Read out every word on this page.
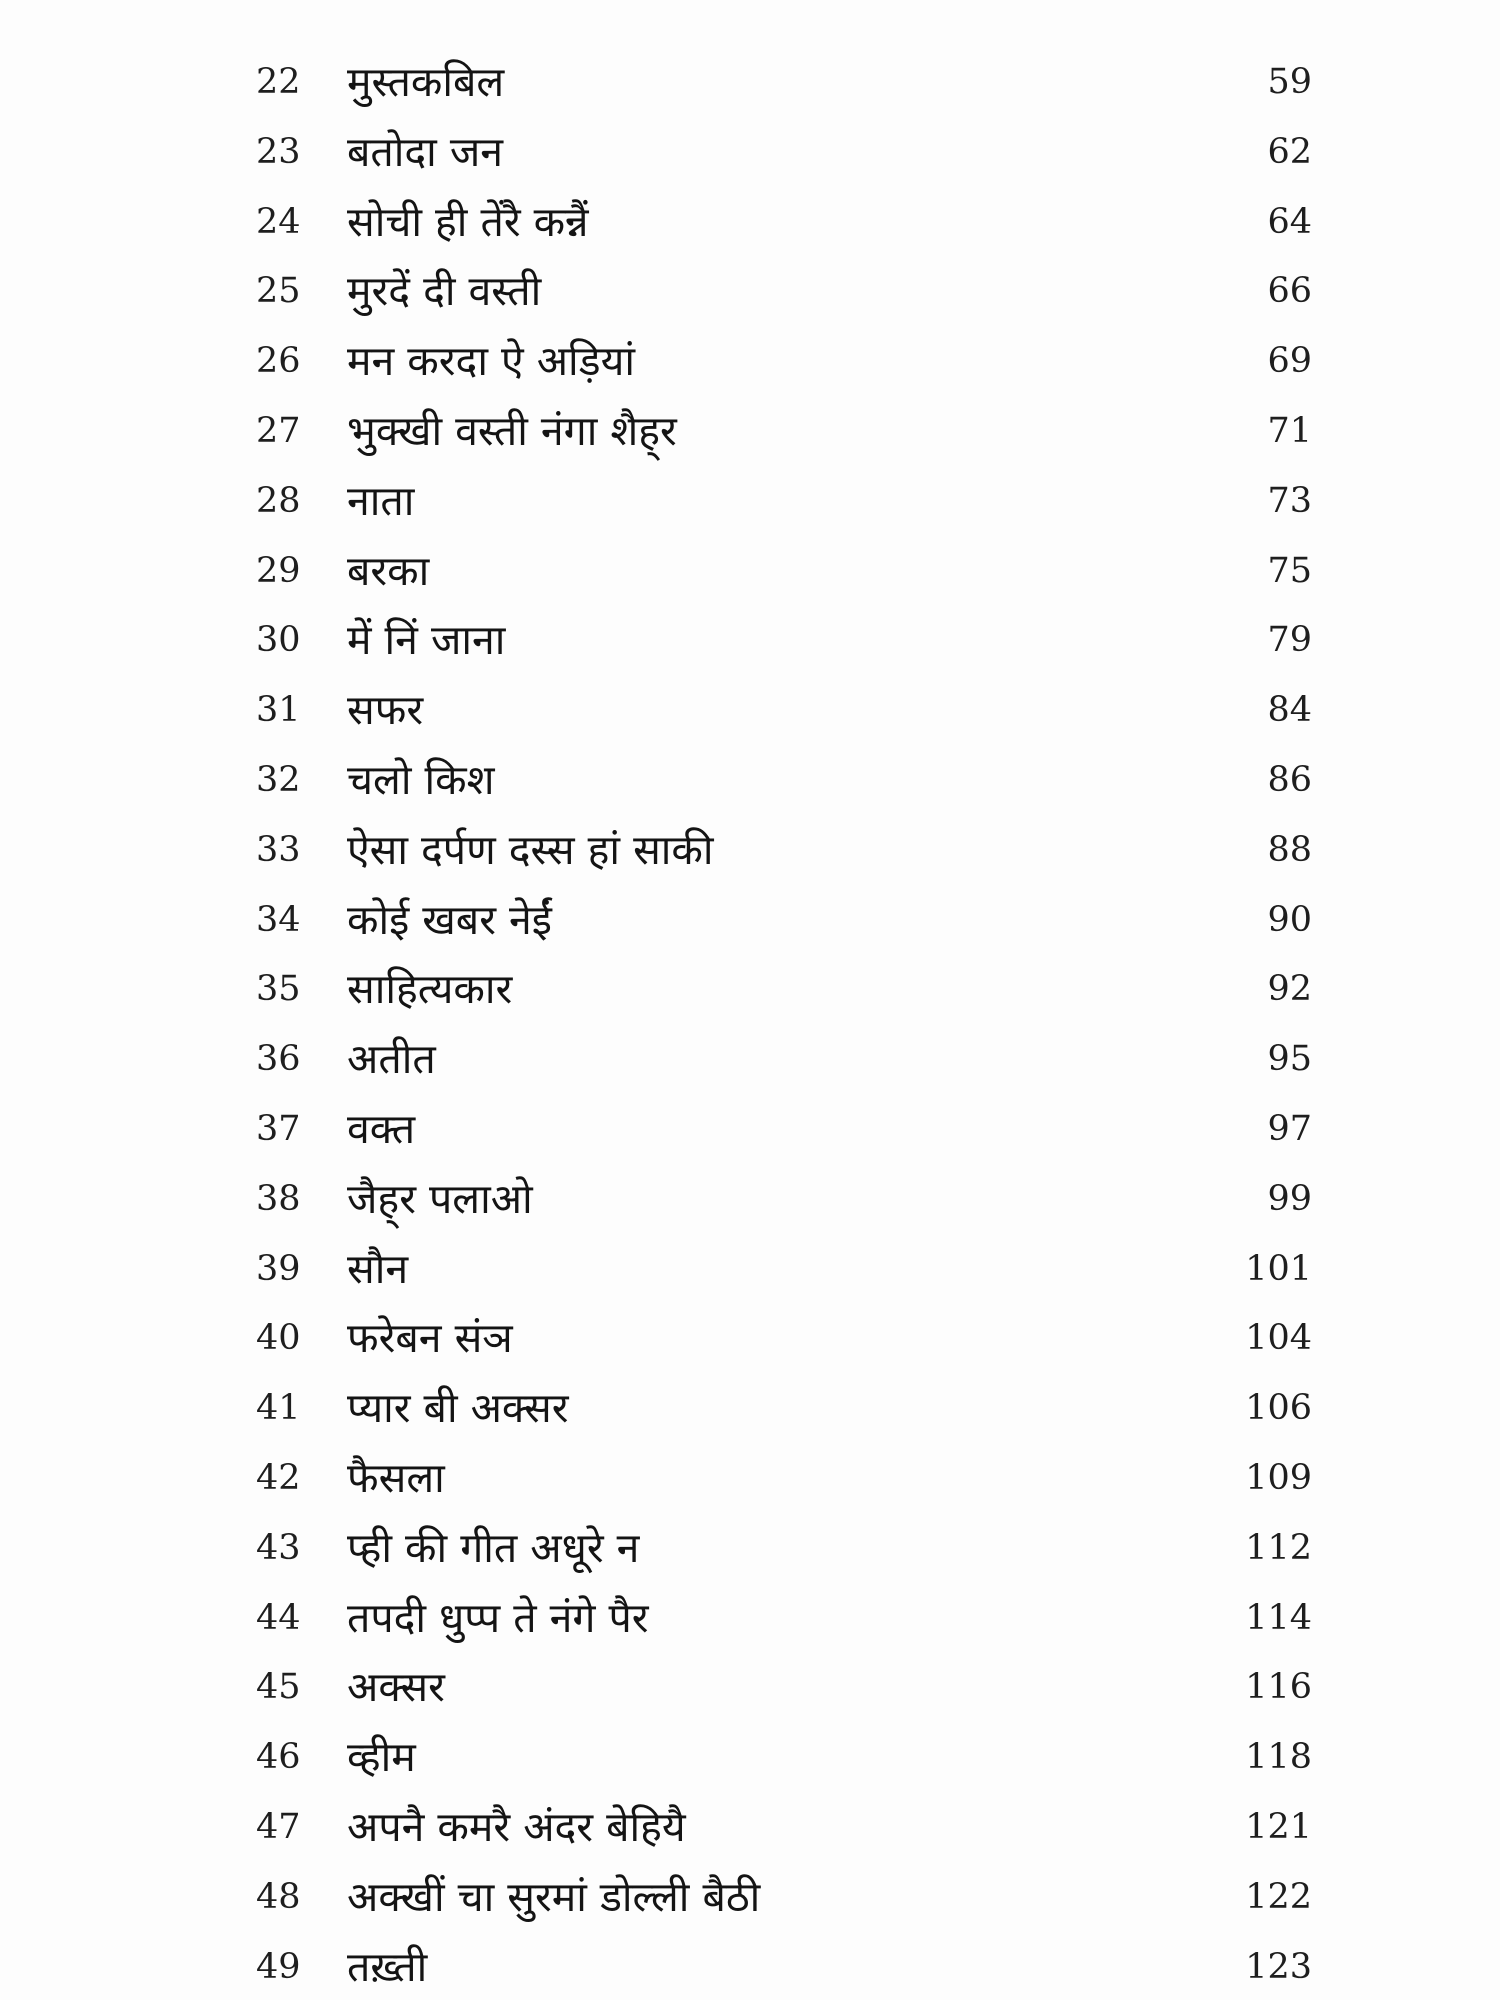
22	मुस्तकबिल	59
23	बतोदा जन	62
24	सोची ही तेंरै कन्नैं	64
25	मुरदें दी वस्ती	66
26	मन करदा ऐ अड़ियां	69
27	भुक्खी वस्ती नंगा शैह्‌र	71
28	नाता	73
29	बरका	75
30	में निं जाना	79
31	सफर	84
32	चलो किश	86
33	ऐसा दर्पण दस्स हां साकी	88
34	कोई खबर नेईं	90
35	साहित्यकार	92
36	अतीत	95
37	वक्त	97
38	जैह्‌र पलाओ	99
39	सौन	101
40	फरेबन संञ	104
41	प्यार बी अक्सर	106
42	फैसला	109
43	प्ही की गीत अधूरे न	112
44	तपदी धुप्प ते नंगे पैर	114
45	अक्सर	116
46	व्हीम	118
47	अपनै कमरै अंदर बेहियै	121
48	अक्खीं चा सुरमां डोल्ली बैठी	122
49	तख़्ती	123
